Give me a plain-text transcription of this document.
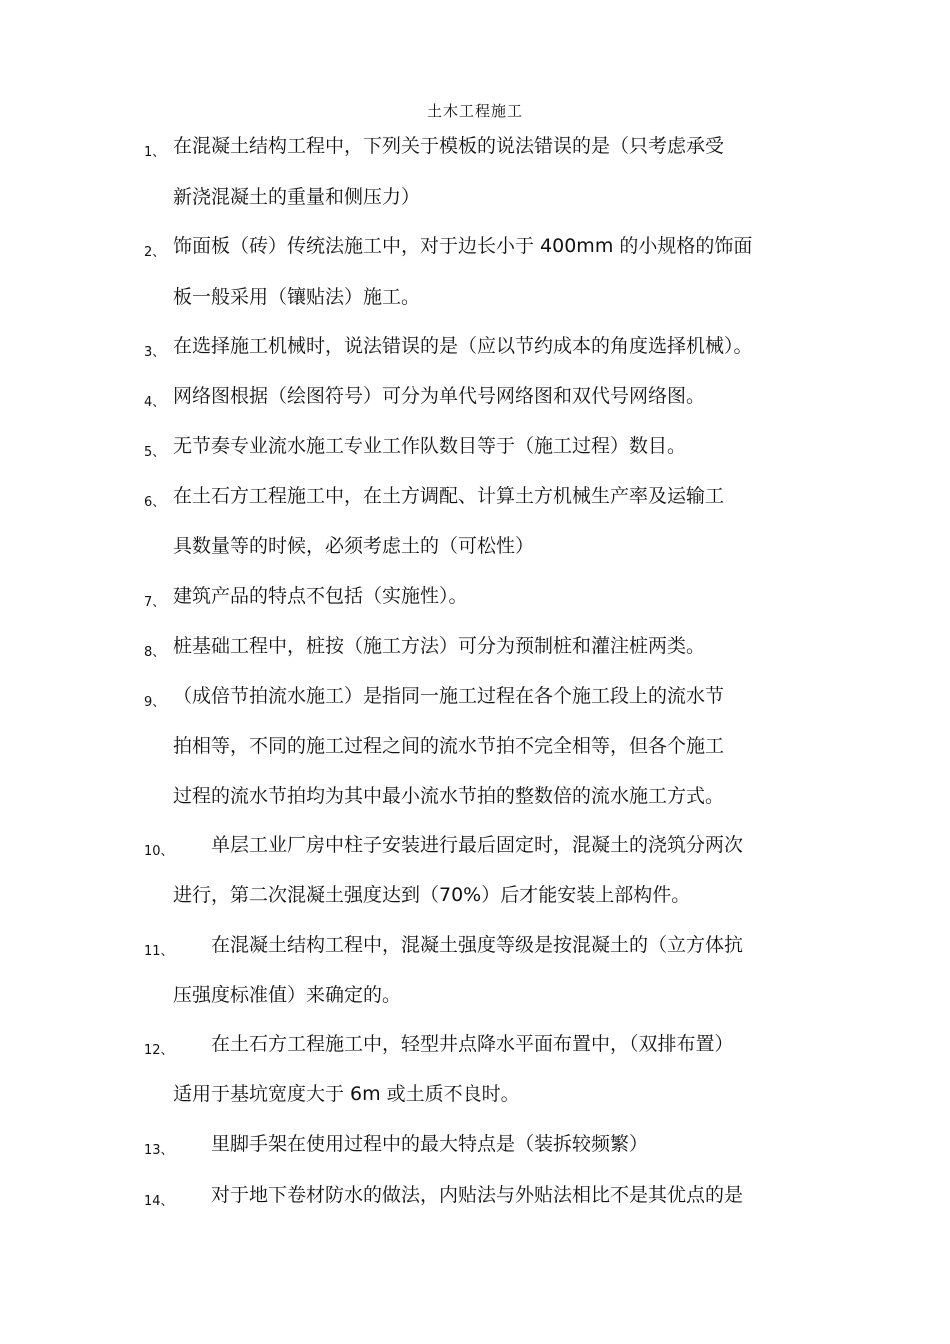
土木工程施工
1、 在混凝土结构工程中，下列关于模板的说法错误的是（只考虑承受
新浇混凝土的重量和侧压力）
2、 饰面板（砖）传统法施工中，对于边长小于 400mm 的小规格的饰面
板一般采用（镶贴法）施工。
3、 在选择施工机械时，说法错误的是（应以节约成本的角度选择机械）。
4、 网络图根据（绘图符号）可分为单代号网络图和双代号网络图。
5、 无节奏专业流水施工专业工作队数目等于（施工过程）数目。
6、 在土石方工程施工中，在土方调配、计算土方机械生产率及运输工
具数量等的时候，必须考虑土的（可松性）
7、 建筑产品的特点不包括（实施性）。
8、 桩基础工程中，桩按（施工方法）可分为预制桩和灌注桩两类。
9、 （成倍节拍流水施工）是指同一施工过程在各个施工段上的流水节
拍相等，不同的施工过程之间的流水节拍不完全相等，但各个施工
过程的流水节拍均为其中最小流水节拍的整数倍的流水施工方式。
10、 单层工业厂房中柱子安装进行最后固定时，混凝土的浇筑分两次
进行，第二次混凝土强度达到（70%）后才能安装上部构件。
11、 在混凝土结构工程中，混凝土强度等级是按混凝土的（立方体抗
压强度标准值）来确定的。
12、 在土石方工程施工中，轻型井点降水平面布置中，（双排布置）
适用于基坑宽度大于 6m 或土质不良时。
13、 里脚手架在使用过程中的最大特点是（装拆较频繁）
14、 对于地下卷材防水的做法，内贴法与外贴法相比不是其优点的是
